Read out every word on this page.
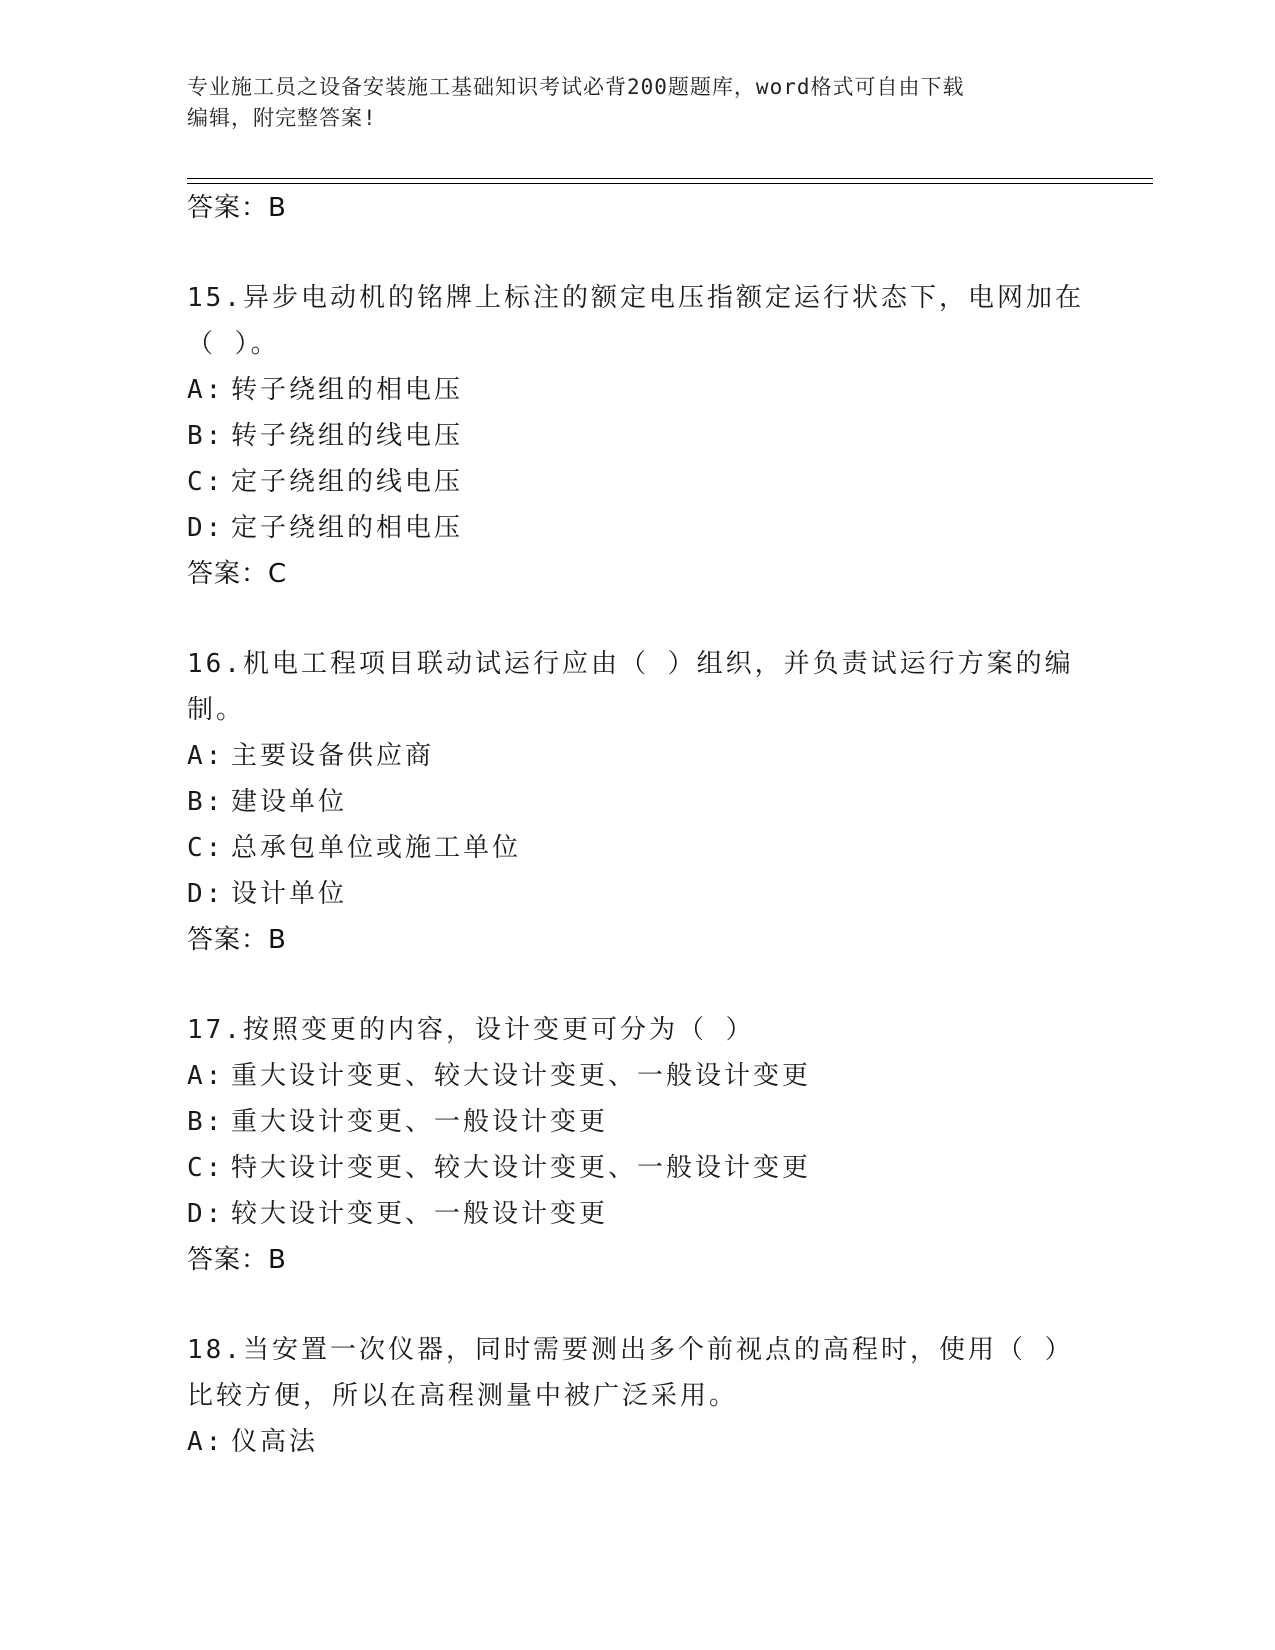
专业施工员之设备安装施工基础知识考试必背200题题库，word格式可自由下载
编辑，附完整答案!
答案：B
15.异步电动机的铭牌上标注的额定电压指额定运行状态下，电网加在（ ）。
A: 转子绕组的相电压
B: 转子绕组的线电压
C: 定子绕组的线电压
D: 定子绕组的相电压
答案：C
16.机电工程项目联动试运行应由（ ）组织，并负责试运行方案的编制。
A: 主要设备供应商
B: 建设单位
C: 总承包单位或施工单位
D: 设计单位
答案：B
17.按照变更的内容，设计变更可分为（ ）
A: 重大设计变更、较大设计变更、一般设计变更
B: 重大设计变更、一般设计变更
C: 特大设计变更、较大设计变更、一般设计变更
D: 较大设计变更、一般设计变更
答案：B
18.当安置一次仪器，同时需要测出多个前视点的高程时，使用（ ）比较方便，所以在高程测量中被广泛采用。
A: 仪高法
